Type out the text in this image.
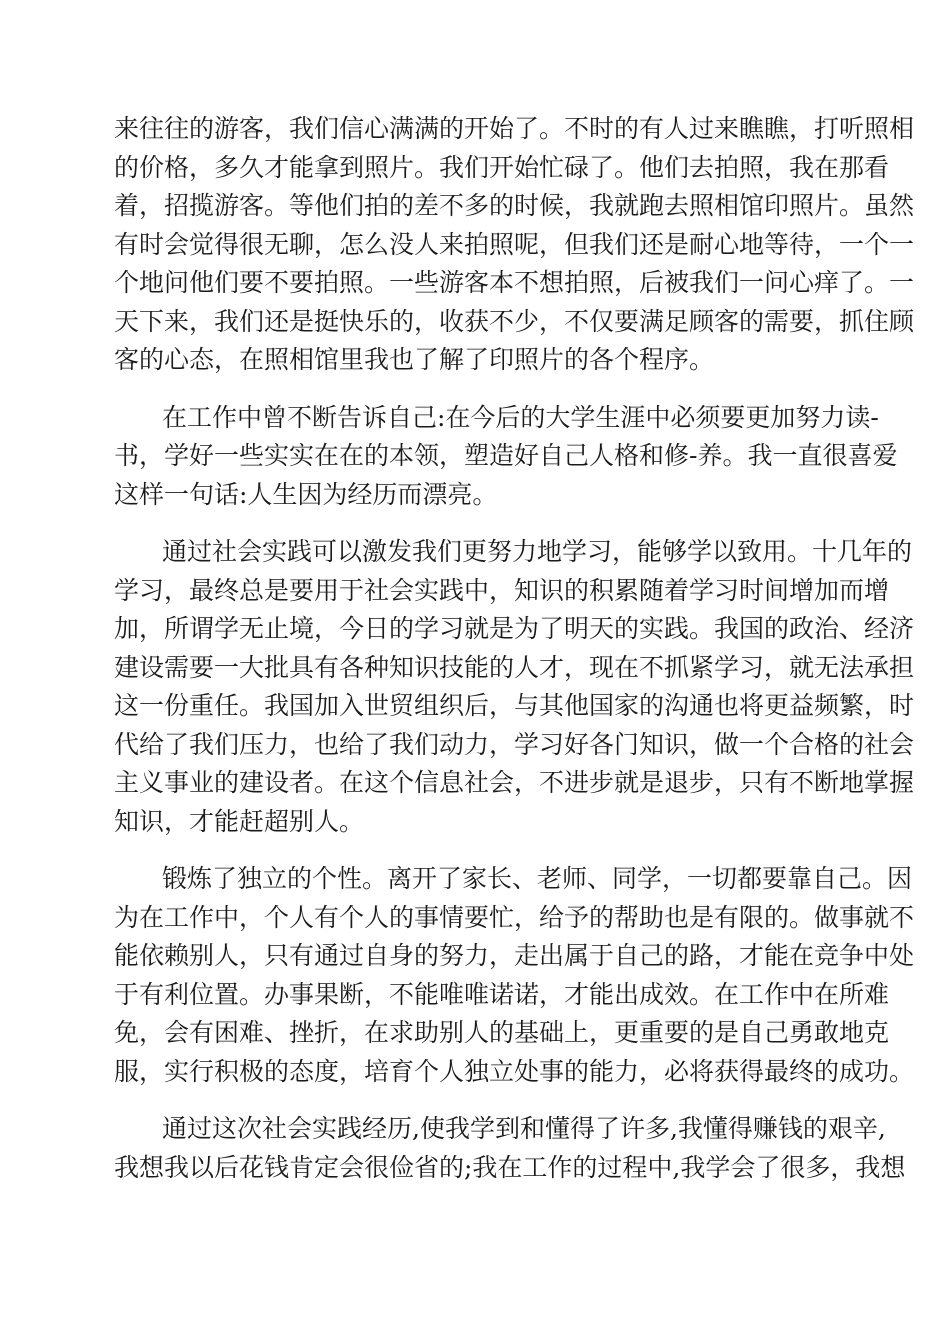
来往往的游客，我们信心满满的开始了。不时的有人过来瞧瞧，打听照相
的价格，多久才能拿到照片。我们开始忙碌了。他们去拍照，我在那看
着，招揽游客。等他们拍的差不多的时候，我就跑去照相馆印照片。虽然
有时会觉得很无聊，怎么没人来拍照呢，但我们还是耐心地等待，一个一
个地问他们要不要拍照。一些游客本不想拍照，后被我们一问心痒了。一
天下来，我们还是挺快乐的，收获不少，不仅要满足顾客的需要，抓住顾
客的心态，在照相馆里我也了解了印照片的各个程序。
在工作中曾不断告诉自己:在今后的大学生涯中必须要更加努力读-
书，学好一些实实在在的本领，塑造好自己人格和修-养。我一直很喜爱
这样一句话:人生因为经历而漂亮。
通过社会实践可以激发我们更努力地学习，能够学以致用。十几年的
学习，最终总是要用于社会实践中，知识的积累随着学习时间增加而增
加，所谓学无止境，今日的学习就是为了明天的实践。我国的政治、经济
建设需要一大批具有各种知识技能的人才，现在不抓紧学习，就无法承担
这一份重任。我国加入世贸组织后，与其他国家的沟通也将更益频繁，时
代给了我们压力，也给了我们动力，学习好各门知识，做一个合格的社会
主义事业的建设者。在这个信息社会，不进步就是退步，只有不断地掌握
知识，才能赶超别人。
锻炼了独立的个性。离开了家长、老师、同学，一切都要靠自己。因
为在工作中，个人有个人的事情要忙，给予的帮助也是有限的。做事就不
能依赖别人，只有通过自身的努力，走出属于自己的路，才能在竞争中处
于有利位置。办事果断，不能唯唯诺诺，才能出成效。在工作中在所难
免，会有困难、挫折，在求助别人的基础上，更重要的是自己勇敢地克
服，实行积极的态度，培育个人独立处事的能力，必将获得最终的成功。
通过这次社会实践经历,使我学到和懂得了许多,我懂得赚钱的艰辛,
我想我以后花钱肯定会很俭省的;我在工作的过程中,我学会了很多，我想
